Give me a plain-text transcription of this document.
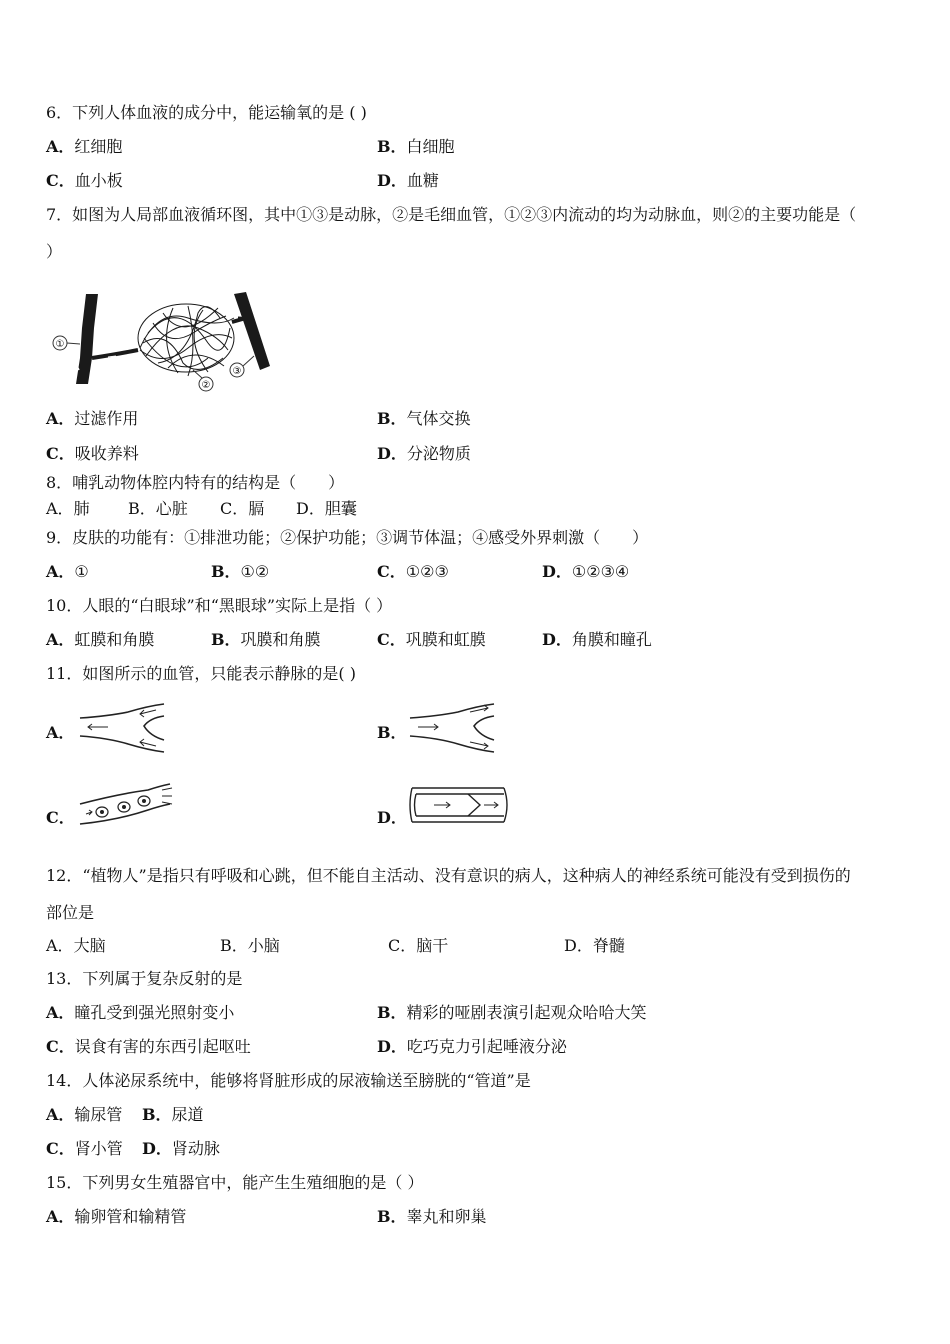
6．下列人体血液的成分中，能运输氧的是 ( )
A．红细胞	B．白细胞
C．血小板	D．血糖
7．如图为人局部血液循环图，其中①③是动脉，②是毛细血管，①②③内流动的均为动脉血，则②的主要功能是（
）
①
②
③
A．过滤作用	B．气体交换
C．吸收养料	D．分泌物质
8．哺乳动物体腔内特有的结构是（　　）
A．肺 B．心脏 C．膈 D．胆囊
9．皮肤的功能有：①排泄功能；②保护功能；③调节体温；④感受外界刺激（　　）
A．①	B．①②	C．①②③	D．①②③④
10．人眼的“白眼球”和“黑眼球”实际上是指（ ）
A．虹膜和角膜	B．巩膜和角膜	C．巩膜和虹膜	D．角膜和瞳孔
11．如图所示的血管，只能表示静脉的是( )
A．	B．
C．	D．
12．“植物人”是指只有呼吸和心跳，但不能自主活动、没有意识的病人，这种病人的神经系统可能没有受到损伤的
部位是
A．大脑	B．小脑	C．脑干	D．脊髓
13．下列属于复杂反射的是
A．瞳孔受到强光照射变小	B．精彩的哑剧表演引起观众哈哈大笑
C．误食有害的东西引起呕吐	D．吃巧克力引起唾液分泌
14．人体泌尿系统中，能够将肾脏形成的尿液输送至膀胱的“管道”是
A．输尿管 B．尿道
C．肾小管 D．肾动脉
15．下列男女生殖器官中，能产生生殖细胞的是（ ）
A．输卵管和输精管	B．睾丸和卵巢
